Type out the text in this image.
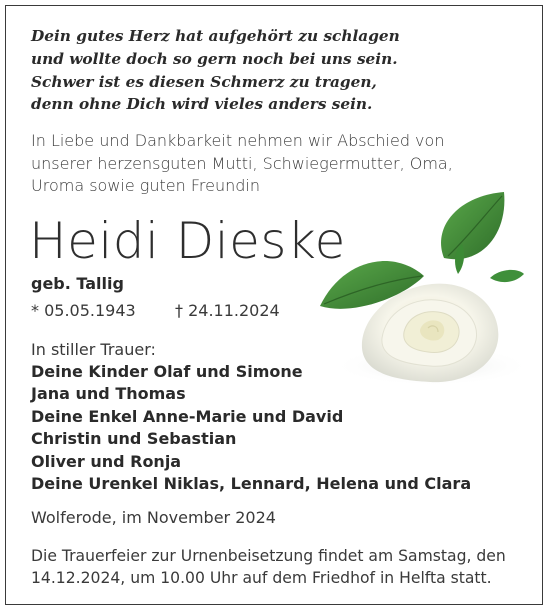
Dein gutes Herz hat aufgehört zu schlagen
und wollte doch so gern noch bei uns sein.
Schwer ist es diesen Schmerz zu tragen,
denn ohne Dich wird vieles anders sein.
In Liebe und Dankbarkeit nehmen wir Abschied von
unserer herzensguten Mutti, Schwiegermutter, Oma,
Uroma sowie guten Freundin
Heidi Dieske
geb. Tallig
* 05.05.1943 † 24.11.2024
In stiller Trauer:
Deine Kinder Olaf und Simone
Jana und Thomas
Deine Enkel Anne-Marie und David
Christin und Sebastian
Oliver und Ronja
Deine Urenkel Niklas, Lennard, Helena und Clara
Wolferode, im November 2024
Die Trauerfeier zur Urnenbeisetzung findet am Samstag, den
14.12.2024, um 10.00 Uhr auf dem Friedhof in Helfta statt.
